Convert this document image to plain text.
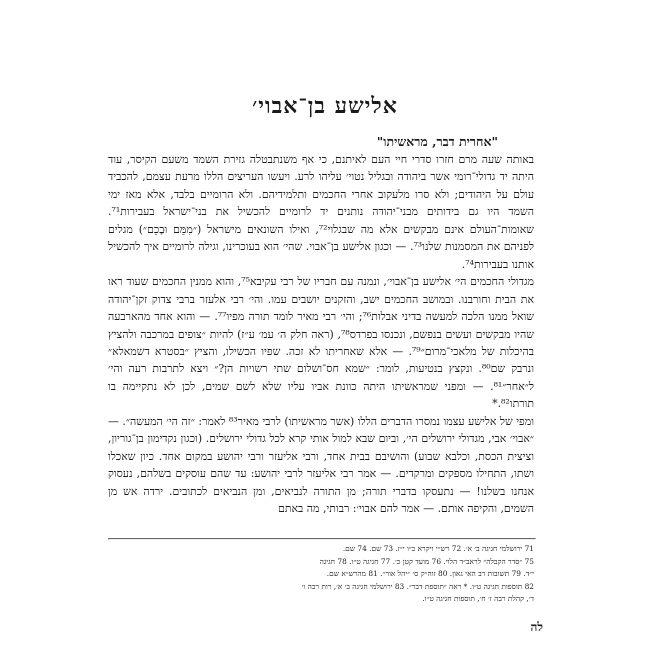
אלישע בן־אבוי׳
"אחרית דבר, מראשיתו"

באותה שעה מרם חזרו סדרי חיי העם לאיתנם, כי אף משנתבטלה גזירת השמד משעם הקיסר, עוד היתה יד גדולי־רומי אשר ביהודה ובגליל נטוי׳ עליהו לרע. ויעשו העריצים הללו מרעת עצמם, להכביד עולם על היהודים; ולא סרו מלעקוב אחרי החכמים ותלמידיהם. ולא הרומיים בלבד, אלא מאז ימי השמד היו גם בידותים מבני־יהודה נותנים יד לרומיים להכשיל את בני־ישראל בעבירות⁷¹. שאומות־העולם אינם מבקשים אלא מה שבגלוי⁷², ואילו השונאים מישראל (״מִמֵּם וּבָכֵם״) מגלים לפניהם את המסמנות שלנו⁷³. — וכגון אלישע בן־אבוי. שהי׳ הוא בעוכרינו, וגילה לרומיים איך להכשיל אותנו בעבירות⁷⁴.

מגדולי החכמים הי׳ אלישע בן־אבוי׳, ונמנה עם חבריו של רבי עקיבא⁷⁵, והוא ממנין החכמים שעוד ראו את הבית וחורבנו. ובמושב החכמים ישב, והזקנים יושבים עמו. והי׳ רבי אלעזר ברבי צדוק זקן־יהודה שואל ממנו הלכה למעשה בדיני אבלות⁷⁶; והי׳ רבי מאיר לומד תורה מפיו⁷⁷. — והוא אחד מהארבעה שהיו מבקשים ועשים בנפשם, ונכנסו בפרדס⁷⁸, (ראה חלק ה׳ עמ׳ ע״ז) להיות ״צופים במרכבה ולהציץ בהיכלות של מלאכי־מרום״⁷⁹. — אלא שאחריתו לא זכה. שפיו הכשילו, והציץ ״בסטרא דשמאלא״ ונרבק שם⁸⁰. ונקצץ בנטיעות, לומר: ״שמא חס־ושלום שתי רשויות הן?״ ויצא לתרבות רעה והי׳ ל״אחר״⁸¹. — ומפני שמראשיתו היתה כוונת אביו עליו שלא לשם שמים, לכן לא נתקיימה בו תורתו⁸².*

ומפי של אלישע עצמו נמסרו הדברים הללו (אשר מראשיתו) לרבי מאיר⁸³ לאמר: ״זה הי׳ המעשה״. — ״אבוי׳ אבי, מגדולי ירושלים הי׳, וביום שבא למול אותי קרא לכל גדולי ירושלים. (וכגון נקדימון בן־גוריון, וציצית הכסת, וכלבא שבוע) והושיבם בבית אחד, ורבי אליעזר ורבי יהושע במקום אחד. כיון שאכלו ושתו, התחילו מספקים ומרקדים. — אמר רבי אליעזר לרבי יהושע: עד שהם עוסקים בשלהם, נעסוק אנחנו בשלנו! — נתעסקו בדברי תורה; מן התורה לנביאים, ומן הנביאים לכתובים. ירדה אש מן השמים, והקיפה אותם. — אמר להם אבוי׳: רבותי, מה באתם

71 ירושלמי חגיגה ב׳ א׳. 72 רש״י ויקרא כ״ו י״ז. 73 שם. 74 שם.
75 ״סדר הקבלה״ לראב״ד הלוי. 76 מועד קטן כ׳. 77 חגיגה ט״ו. 78 חגיגה
י״ד. 79 תשובות רב האי גאון. 80 זוה״ק ס׳ ״יהל אור״. 81 מהרש״א שם.
82 תוספות חגיגה ט״ו. * ראה ״תוספת דבר״. 83 ירושלמי חגיגה ב׳ א׳, רות רבה ו׳
ד׳, קהלת רבה ז׳ ח׳, תוספות חגיגה ט״ו.
לה
